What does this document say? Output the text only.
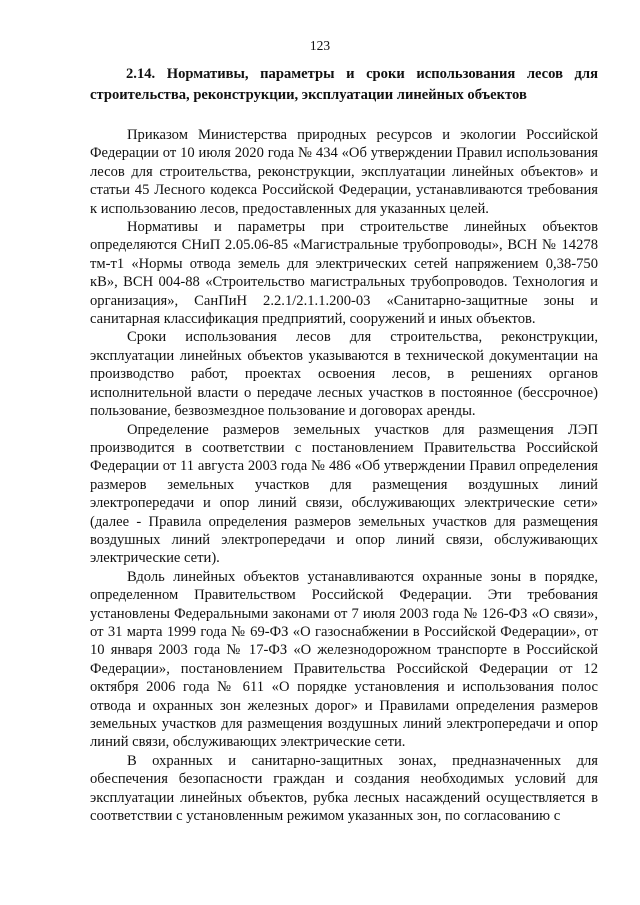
123
2.14. Нормативы, параметры и сроки использования лесов для строительства, реконструкции, эксплуатации линейных объектов

Приказом Министерства природных ресурсов и экологии Российской Федерации от 10 июля 2020 года № 434 «Об утверждении Правил использования лесов для строительства, реконструкции, эксплуатации линейных объектов» и статьи 45 Лесного кодекса Российской Федерации, устанавливаются требования к использованию лесов, предоставленных для указанных целей.

Нормативы и параметры при строительстве линейных объектов определяются СНиП 2.05.06-85 «Магистральные трубопроводы», ВСН № 14278 тм-т1 «Нормы отвода земель для электрических сетей напряжением 0,38-750 кВ», ВСН 004-88 «Строительство магистральных трубопроводов. Технология и организация», СанПиН 2.2.1/2.1.1.200-03 «Санитарно-защитные зоны и санитарная классификация предприятий, сооружений и иных объектов.

Сроки использования лесов для строительства, реконструкции, эксплуатации линейных объектов указываются в технической документации на производство работ, проектах освоения лесов, в решениях органов исполнительной власти о передаче лесных участков в постоянное (бессрочное) пользование, безвозмездное пользование и договорах аренды.

Определение размеров земельных участков для размещения ЛЭП производится в соответствии с постановлением Правительства Российской Федерации от 11 августа 2003 года № 486 «Об утверждении Правил определения размеров земельных участков для размещения воздушных линий электропередачи и опор линий связи, обслуживающих электрические сети» (далее - Правила определения размеров земельных участков для размещения воздушных линий электропередачи и опор линий связи, обслуживающих электрические сети).

Вдоль линейных объектов устанавливаются охранные зоны в порядке, определенном Правительством Российской Федерации. Эти требования установлены Федеральными законами от 7 июля 2003 года № 126-ФЗ «О связи», от 31 марта 1999 года № 69-ФЗ «О газоснабжении в Российской Федерации», от 10 января 2003 года № 17-ФЗ «О железнодорожном транспорте в Российской Федерации», постановлением Правительства Российской Федерации от 12 октября 2006 года № 611 «О порядке установления и использования полос отвода и охранных зон железных дорог» и Правилами определения размеров земельных участков для размещения воздушных линий электропередачи и опор линий связи, обслуживающих электрические сети.

В охранных и санитарно-защитных зонах, предназначенных для обеспечения безопасности граждан и создания необходимых условий для эксплуатации линейных объектов, рубка лесных насаждений осуществляется в соответствии с установленным режимом указанных зон, по согласованию с
